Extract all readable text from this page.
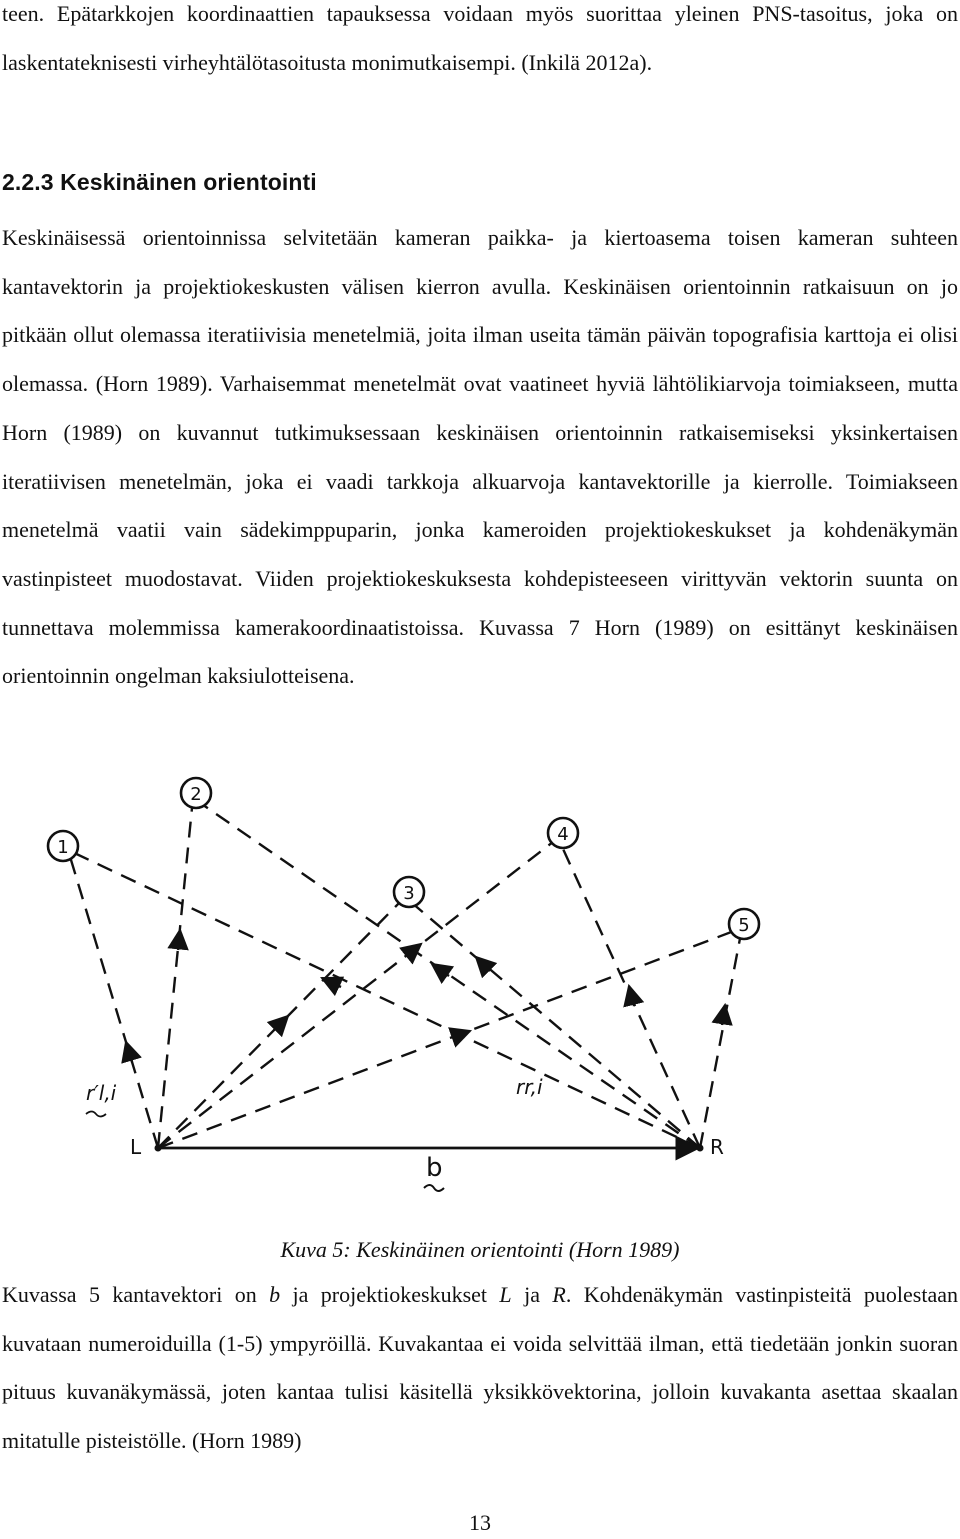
teen. Epätarkkojen koordinaattien tapauksessa voidaan myös suorittaa yleinen PNS-tasoitus, joka on laskentateknisesti virheyhtälötasoitusta monimutkaisempi. (Inkilä 2012a).

2.2.3 Keskinäinen orientointi

Keskinäisessä orientoinnissa selvitetään kameran paikka- ja kiertoasema toisen kameran suhteen kantavektorin ja projektiokeskusten välisen kierron avulla. Keskinäisen orientoinnin ratkaisuun on jo pitkään ollut olemassa iteratiivisia menetelmiä, joita ilman useita tämän päivän topografisia karttoja ei olisi olemassa. (Horn 1989). Varhaisemmat menetelmät ovat vaatineet hyviä lähtölikiarvoja toimiakseen, mutta Horn (1989) on kuvannut tutkimuksessaan keskinäisen orientoinnin ratkaisemiseksi yksinkertaisen iteratiivisen menetelmän, joka ei vaadi tarkkoja alkuarvoja kantavektorille ja kierrolle. Toimiakseen menetelmä vaatii vain sädekimppuparin, jonka kameroiden projektiokeskukset ja kohdenäkymän vastinpisteet muodostavat. Viiden projektiokeskuksesta kohdepisteeseen virittyvän vektorin suunta on tunnettava molemmissa kamerakoordinaatistoissa. Kuvassa 7 Horn (1989) on esittänyt keskinäisen orientoinnin ongelman kaksiulotteisena.

1
2
3
4
5
L	R
b
r′l,i	rr,i

Kuva 5: Keskinäinen orientointi (Horn 1989)

Kuvassa 5 kantavektori on b ja projektiokeskukset L ja R. Kohdenäkymän vastinpisteitä puolestaan kuvataan numeroiduilla (1-5) ympyröillä. Kuvakantaa ei voida selvittää ilman, että tiedetään jonkin suoran pituus kuvanäkymässä, joten kantaa tulisi käsitellä yksikkövektorina, jolloin kuvakanta asettaa skaalan mitatulle pisteistölle. (Horn 1989)

13
